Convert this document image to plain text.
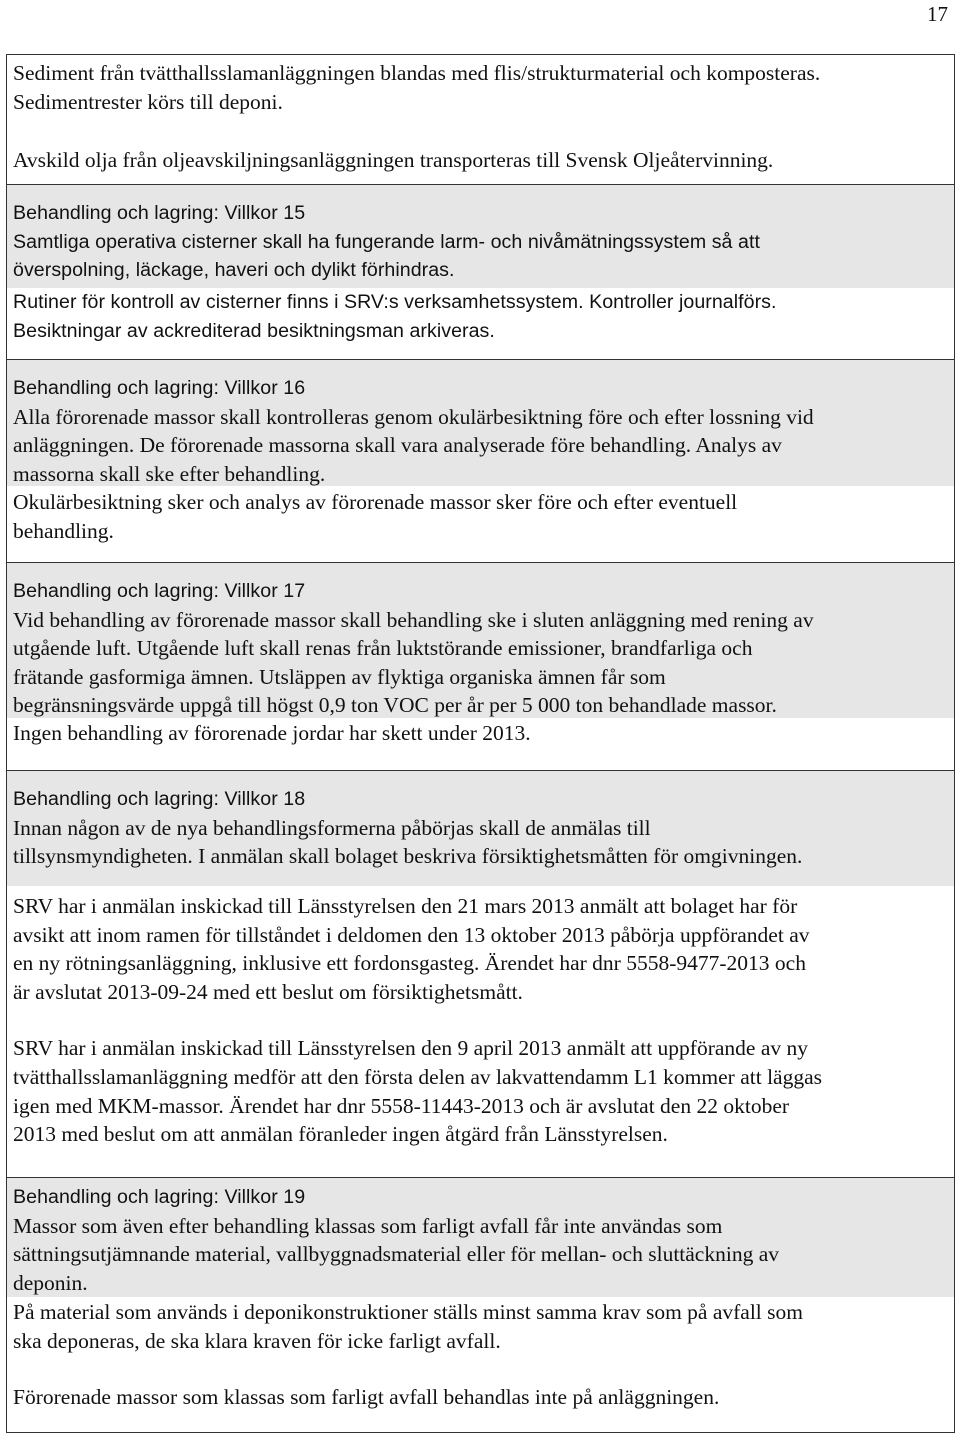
17

Sediment från tvätthallsslamanläggningen blandas med flis/strukturmaterial och komposteras.
Sedimentrester körs till deponi.

Avskild olja från oljeavskiljningsanläggningen transporteras till Svensk Oljeåtervinning.

Behandling och lagring: Villkor 15

Samtliga operativa cisterner skall ha fungerande larm- och nivåmätningssystem så att
överspolning, läckage, haveri och dylikt förhindras.

Rutiner för kontroll av cisterner finns i SRV:s verksamhetssystem. Kontroller journalförs.
Besiktningar av ackrediterad besiktningsman arkiveras.

Behandling och lagring: Villkor 16

Alla förorenade massor skall kontrolleras genom okulärbesiktning före och efter lossning vid
anläggningen. De förorenade massorna skall vara analyserade före behandling. Analys av
massorna skall ske efter behandling.

Okulärbesiktning sker och analys av förorenade massor sker före och efter eventuell
behandling.

Behandling och lagring: Villkor 17

Vid behandling av förorenade massor skall behandling ske i sluten anläggning med rening av
utgående luft. Utgående luft skall renas från luktstörande emissioner, brandfarliga och
frätande gasformiga ämnen. Utsläppen av flyktiga organiska ämnen får som
begränsningsvärde uppgå till högst 0,9 ton VOC per år per 5 000 ton behandlade massor.

Ingen behandling av förorenade jordar har skett under 2013.

Behandling och lagring: Villkor 18

Innan någon av de nya behandlingsformerna påbörjas skall de anmälas till
tillsynsmyndigheten. I anmälan skall bolaget beskriva försiktighetsmåtten för omgivningen.

SRV har i anmälan inskickad till Länsstyrelsen den 21 mars 2013 anmält att bolaget har för
avsikt att inom ramen för tillståndet i deldomen den 13 oktober 2013 påbörja uppförandet av
en ny rötningsanläggning, inklusive ett fordonsgasteg. Ärendet har dnr 5558-9477-2013 och
är avslutat 2013-09-24 med ett beslut om försiktighetsmått.

SRV har i anmälan inskickad till Länsstyrelsen den 9 april 2013 anmält att uppförande av ny
tvätthallsslamanläggning medför att den första delen av lakvattendamm L1 kommer att läggas
igen med MKM-massor. Ärendet har dnr 5558-11443-2013 och är avslutat den 22 oktober
2013 med beslut om att anmälan föranleder ingen åtgärd från Länsstyrelsen.

Behandling och lagring: Villkor 19

Massor som även efter behandling klassas som farligt avfall får inte användas som
sättningsutjämnande material, vallbyggnadsmaterial eller för mellan- och sluttäckning av
deponin.

På material som används i deponikonstruktioner ställs minst samma krav som på avfall som
ska deponeras, de ska klara kraven för icke farligt avfall.

Förorenade massor som klassas som farligt avfall behandlas inte på anläggningen.
